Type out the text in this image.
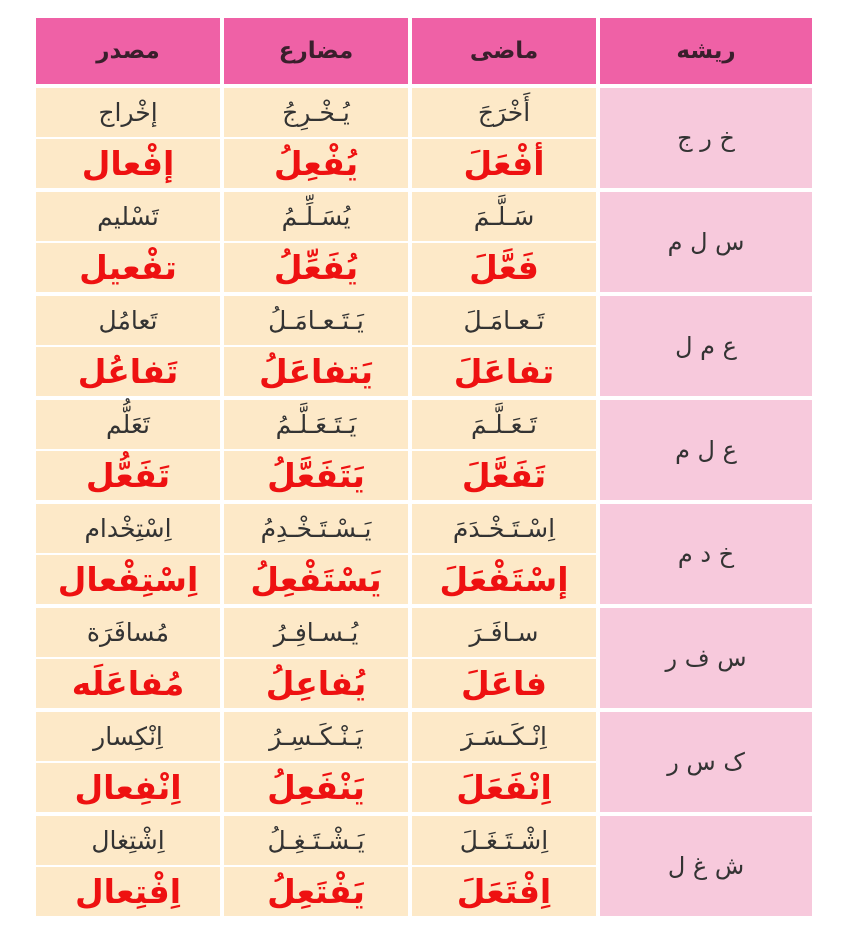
ریشه
ماضی
مضارع
مصدر
خ ر ج
أَخْرَجَ
أفْعَلَ
يُـخْـرِجُ
يُفْعِلُ
إخْراج
إفْعال
س ل م
سَـلَّـمَ
فَعَّلَ
يُسَـلِّـمُ
يُفَعِّلُ
تَسْليم
تفْعيل
ع م ل
تَـعـامَـلَ
تفاعَلَ
يَـتَـعـامَـلُ
يَتفاعَلُ
تَعامُل
تَفاعُل
ع ل م
تَـعَـلَّـمَ
تَفَعَّلَ
يَـتَـعَـلَّـمُ
يَتَفَعَّلُ
تَعَلُّم
تَفَعُّل
خ د م
اِسْـتَـخْـدَمَ
إسْتَفْعَلَ
يَـسْـتَـخْـدِمُ
يَسْتَفْعِلُ
اِسْتِخْدام
اِسْتِفْعال
س ف ر
سـافَـرَ
فاعَلَ
يُـسـافِـرُ
يُفاعِلُ
مُسافَرَة
مُفاعَلَه
ک س ر
اِنْـكَـسَـرَ
اِنْفَعَلَ
يَـنْـكَـسِـرُ
يَنْفَعِلُ
اِنْكِسار
اِنْفِعال
ش غ ل
اِشْـتَـغَـلَ
اِفْتَعَلَ
يَـشْـتَـغِـلُ
يَفْتَعِلُ
اِشْتِغال
اِفْتِعال
